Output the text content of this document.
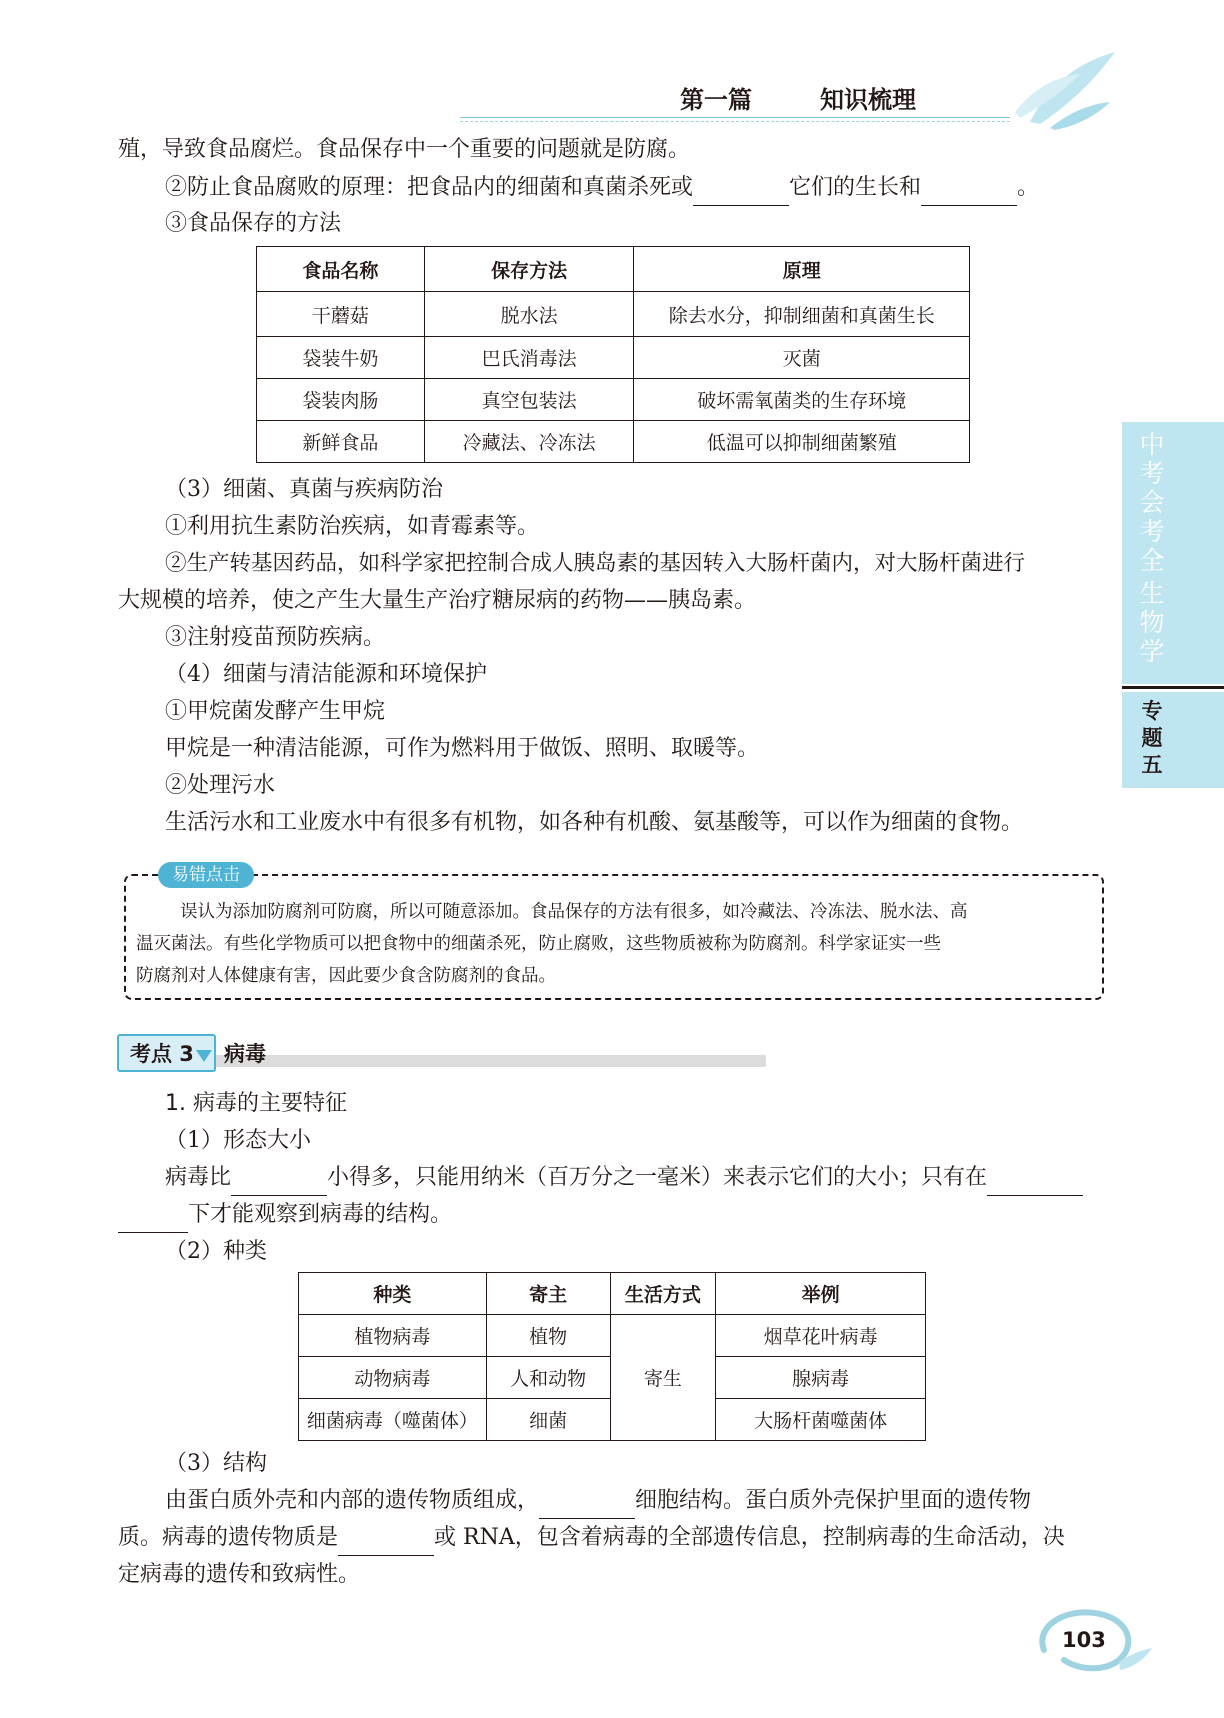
第一篇	知识梳理
中
考
会
考
全
生
物
学
专
题
五
殖，导致食品腐烂。食品保存中一个重要的问题就是防腐。
②防止食品腐败的原理：把食品内的细菌和真菌杀死或	它们的生长和	。
③食品保存的方法
食品名称	保存方法	原理
干蘑菇	脱水法	除去水分，抑制细菌和真菌生长
袋装牛奶	巴氏消毒法	灭菌
袋装肉肠	真空包装法	破坏需氧菌类的生存环境
新鲜食品	冷藏法、冷冻法	低温可以抑制细菌繁殖
（3）细菌、真菌与疾病防治
①利用抗生素防治疾病，如青霉素等。
②生产转基因药品，如科学家把控制合成人胰岛素的基因转入大肠杆菌内，对大肠杆菌进行
大规模的培养，使之产生大量生产治疗糖尿病的药物——胰岛素。
③注射疫苗预防疾病。
（4）细菌与清洁能源和环境保护
①甲烷菌发酵产生甲烷
甲烷是一种清洁能源，可作为燃料用于做饭、照明、取暖等。
②处理污水
生活污水和工业废水中有很多有机物，如各种有机酸、氨基酸等，可以作为细菌的食物。
易错点击
误认为添加防腐剂可防腐，所以可随意添加。食品保存的方法有很多，如冷藏法、冷冻法、脱水法、高
温灭菌法。有些化学物质可以把食物中的细菌杀死，防止腐败，这些物质被称为防腐剂。科学家证实一些
防腐剂对人体健康有害，因此要少食含防腐剂的食品。
考点 3 病毒
1. 病毒的主要特征
（1）形态大小
病毒比	小得多，只能用纳米（百万分之一毫米）来表示它们的大小；只有在
下才能观察到病毒的结构。
（2）种类
种类	寄主	生活方式	举例
植物病毒	植物	寄生	烟草花叶病毒
动物病毒	人和动物		腺病毒
细菌病毒（噬菌体）	细菌		大肠杆菌噬菌体
（3）结构
由蛋白质外壳和内部的遗传物质组成，	细胞结构。蛋白质外壳保护里面的遗传物
质。病毒的遗传物质是	或 RNA，包含着病毒的全部遗传信息，控制病毒的生命活动，决
定病毒的遗传和致病性。
103
